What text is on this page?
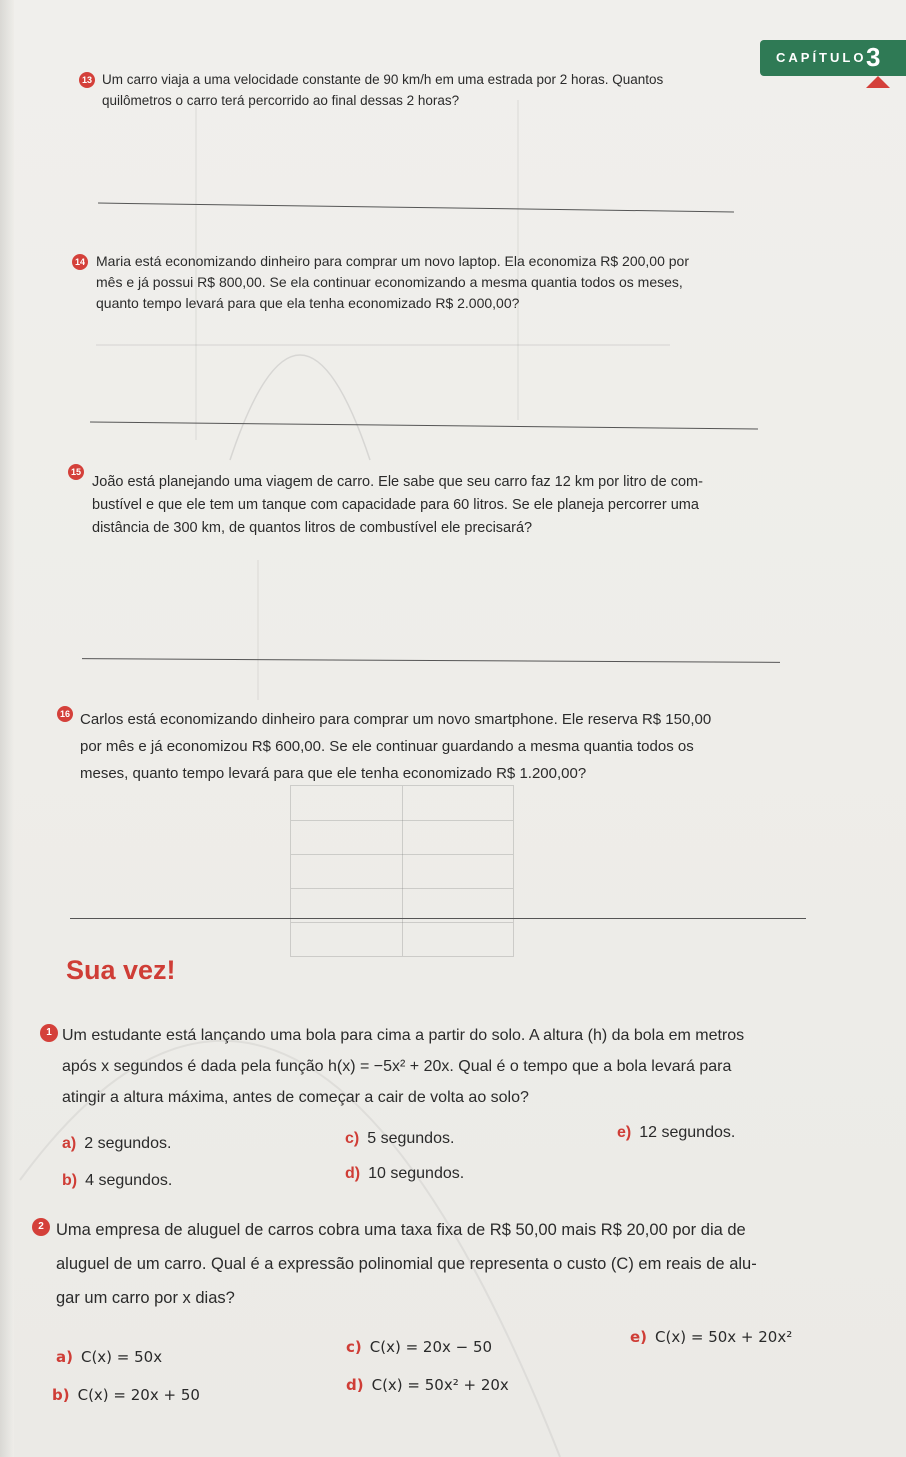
CAPÍTULO 3
13 Um carro viaja a uma velocidade constante de 90 km/h em uma estrada por 2 horas. Quantos
quilômetros o carro terá percorrido ao final dessas 2 horas?
14 Maria está economizando dinheiro para comprar um novo laptop. Ela economiza R$ 200,00 por
mês e já possui R$ 800,00. Se ela continuar economizando a mesma quantia todos os meses,
quanto tempo levará para que ela tenha economizado R$ 2.000,00?
15
João está planejando uma viagem de carro. Ele sabe que seu carro faz 12 km por litro de com-
bustível e que ele tem um tanque com capacidade para 60 litros. Se ele planeja percorrer uma
distância de 300 km, de quantos litros de combustível ele precisará?
16 Carlos está economizando dinheiro para comprar um novo smartphone. Ele reserva R$ 150,00
por mês e já economizou R$ 600,00. Se ele continuar guardando a mesma quantia todos os
meses, quanto tempo levará para que ele tenha economizado R$ 1.200,00?
Sua vez!
1 Um estudante está lançando uma bola para cima a partir do solo. A altura (h) da bola em metros
após x segundos é dada pela função h(x) = −5x² + 20x. Qual é o tempo que a bola levará para
atingir a altura máxima, antes de começar a cair de volta ao solo?
a) 2 segundos.
b) 4 segundos.
c) 5 segundos.
d) 10 segundos.
e) 12 segundos.
2 Uma empresa de aluguel de carros cobra uma taxa fixa de R$ 50,00 mais R$ 20,00 por dia de
aluguel de um carro. Qual é a expressão polinomial que representa o custo (C) em reais de alu-
gar um carro por x dias?
a) C(x) = 50x
b) C(x) = 20x + 50
c) C(x) = 20x − 50
d) C(x) = 50x² + 20x
e) C(x) = 50x + 20x²
